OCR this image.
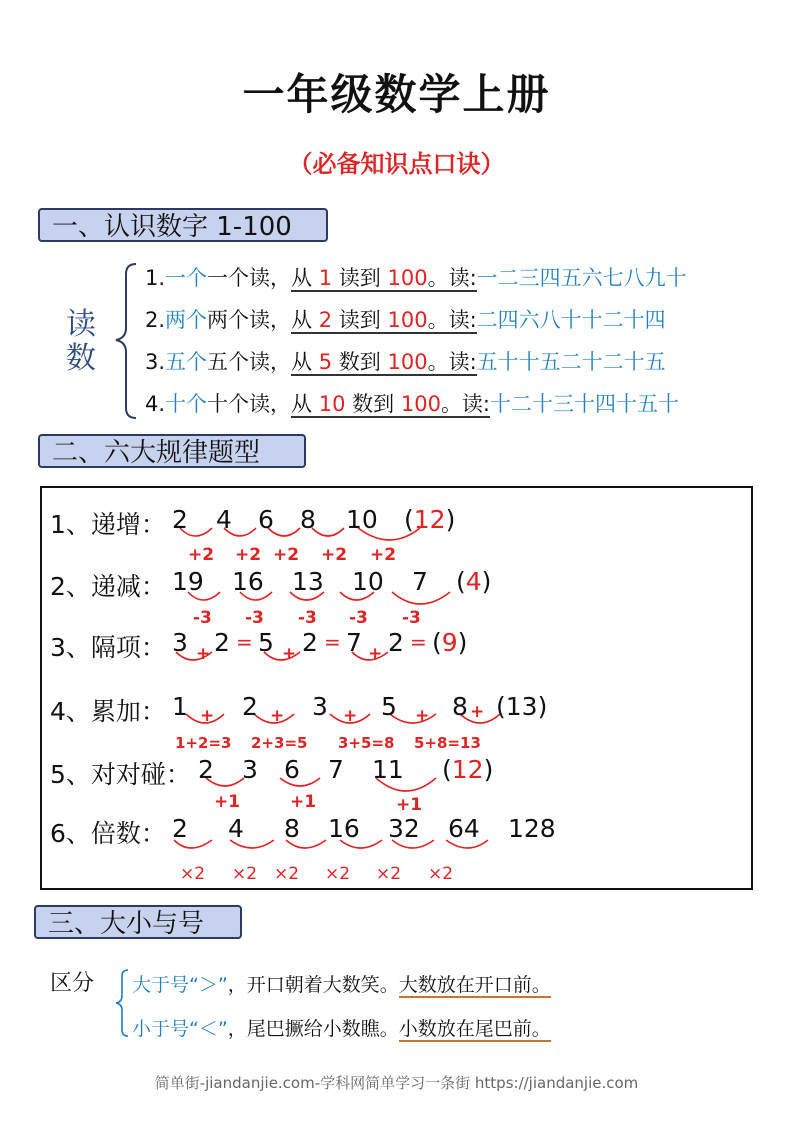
一年级数学上册
（必备知识点口诀）
一、认识数字 1-100
读
数
1.一个一个读，从 1 读到 100。读:一二三四五六七八九十
2.两个两个读，从 2 读到 100。读:二四六八十十二十四
3.五个五个读，从 5 数到 100。读:五十十五二十二十五
4.十个十个读，从 10 数到 100。读:十二十三十四十五十
二、六大规律题型
1、递增： 2 4 6 8 10 (12)
+2 +2 +2 +2 +2
2、递减： 19 16 13 10 7 (4)
-3 -3 -3 -3 -3
3、隔项： 3 2 = 5 2 = 7 2 = (9)
+	+	+
4、累加： 1 2 3 5 8 (13)
+	+	+	+ +
1+2=3 2+3=5 3+5=8 5+8=13
5、对对碰： 2 3 6 7 11 (12)
+1	+1	+1
6、倍数： 2 4 8 16 32 64 128
×2 ×2 ×2 ×2 ×2 ×2
三、大小与号
区分 大于号“＞”，开口朝着大数笑。大数放在开口前。
小于号“＜”，尾巴撅给小数瞧。小数放在尾巴前。
简单街-jiandanjie.com-学科网简单学习一条街 https://jiandanjie.com
